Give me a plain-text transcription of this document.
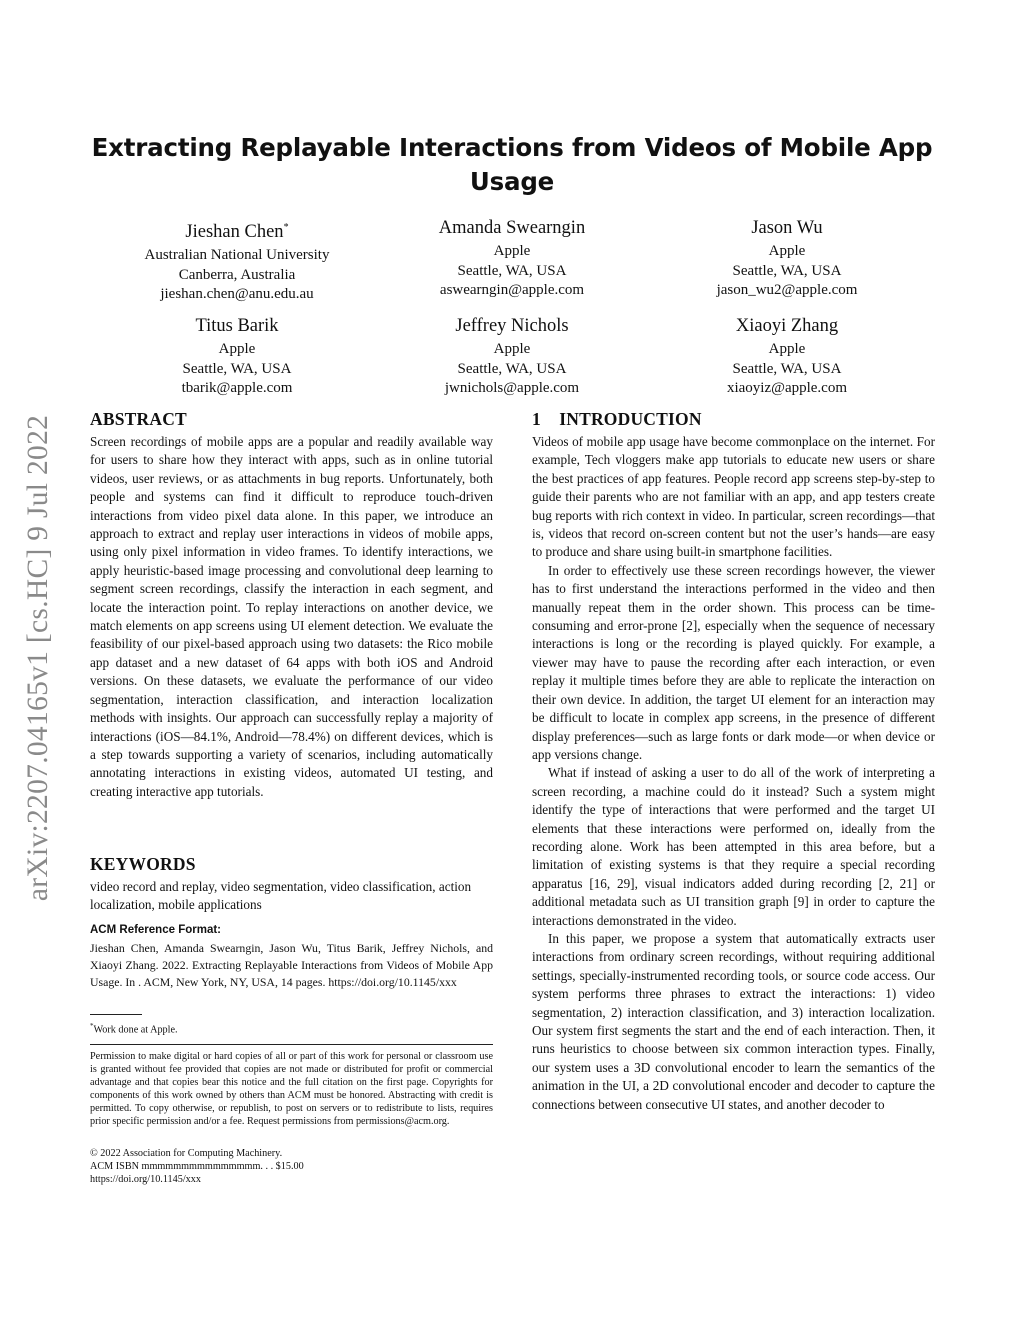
arXiv:2207.04165v1 [cs.HC] 9 Jul 2022
Extracting Replayable Interactions from Videos of Mobile App Usage
Jieshan Chen*
Australian National University
Canberra, Australia
jieshan.chen@anu.edu.au
Amanda Swearngin
Apple
Seattle, WA, USA
aswearngin@apple.com
Jason Wu
Apple
Seattle, WA, USA
jason_wu2@apple.com
Titus Barik
Apple
Seattle, WA, USA
tbarik@apple.com
Jeffrey Nichols
Apple
Seattle, WA, USA
jwnichols@apple.com
Xiaoyi Zhang
Apple
Seattle, WA, USA
xiaoyiz@apple.com
ABSTRACT

Screen recordings of mobile apps are a popular and readily available way for users to share how they interact with apps, such as in online tutorial videos, user reviews, or as attachments in bug reports. Unfortunately, both people and systems can find it difficult to reproduce touch-driven interactions from video pixel data alone. In this paper, we introduce an approach to extract and replay user interactions in videos of mobile apps, using only pixel information in video frames. To identify interactions, we apply heuristic-based image processing and convolutional deep learning to segment screen recordings, classify the interaction in each segment, and locate the interaction point. To replay interactions on another device, we match elements on app screens using UI element detection. We evaluate the feasibility of our pixel-based approach using two datasets: the Rico mobile app dataset and a new dataset of 64 apps with both iOS and Android versions. On these datasets, we evaluate the performance of our video segmentation, interaction classification, and interaction localization methods with insights. Our approach can successfully replay a majority of interactions (iOS—84.1%, Android—78.4%) on different devices, which is a step towards supporting a variety of scenarios, including automatically annotating interactions in existing videos, automated UI testing, and creating interactive app tutorials.

KEYWORDS

video record and replay, video segmentation, video classification, action localization, mobile applications

ACM Reference Format:

Jieshan Chen, Amanda Swearngin, Jason Wu, Titus Barik, Jeffrey Nichols, and Xiaoyi Zhang. 2022. Extracting Replayable Interactions from Videos of Mobile App Usage. In . ACM, New York, NY, USA, 14 pages. https://doi.org/10.1145/xxx

*Work done at Apple.

Permission to make digital or hard copies of all or part of this work for personal or classroom use is granted without fee provided that copies are not made or distributed for profit or commercial advantage and that copies bear this notice and the full citation on the first page. Copyrights for components of this work owned by others than ACM must be honored. Abstracting with credit is permitted. To copy otherwise, or republish, to post on servers or to redistribute to lists, requires prior specific permission and/or a fee. Request permissions from permissions@acm.org.

© 2022 Association for Computing Machinery.

ACM ISBN mmmmmmmmmmmmmmm. . . $15.00

https://doi.org/10.1145/xxx

1    INTRODUCTION

Videos of mobile app usage have become commonplace on the internet. For example, Tech vloggers make app tutorials to educate new users or share the best practices of app features. People record app screens step-by-step to guide their parents who are not familiar with an app, and app testers create bug reports with rich context in video. In particular, screen recordings—that is, videos that record on-screen content but not the user’s hands—are easy to produce and share using built-in smartphone facilities.

In order to effectively use these screen recordings however, the viewer has to first understand the interactions performed in the video and then manually repeat them in the order shown. This process can be time-consuming and error-prone [2], especially when the sequence of necessary interactions is long or the recording is played quickly. For example, a viewer may have to pause the recording after each interaction, or even replay it multiple times before they are able to replicate the interaction on their own device. In addition, the target UI element for an interaction may be difficult to locate in complex app screens, in the presence of different display preferences—such as large fonts or dark mode—or when device or app versions change.

What if instead of asking a user to do all of the work of interpreting a screen recording, a machine could do it instead? Such a system might identify the type of interactions that were performed and the target UI elements that these interactions were performed on, ideally from the recording alone. Work has been attempted in this area before, but a limitation of existing systems is that they require a special recording apparatus [16, 29], visual indicators added during recording [2, 21] or additional metadata such as UI transition graph [9] in order to capture the interactions demonstrated in the video.

In this paper, we propose a system that automatically extracts user interactions from ordinary screen recordings, without requiring additional settings, specially-instrumented recording tools, or source code access. Our system performs three phrases to extract the interactions: 1) video segmentation, 2) interaction classification, and 3) interaction localization. Our system first segments the start and the end of each interaction. Then, it runs heuristics to choose between six common interaction types. Finally, our system uses a 3D convolutional encoder to learn the semantics of the animation in the UI, a 2D convolutional encoder and decoder to capture the connections between consecutive UI states, and another decoder to
